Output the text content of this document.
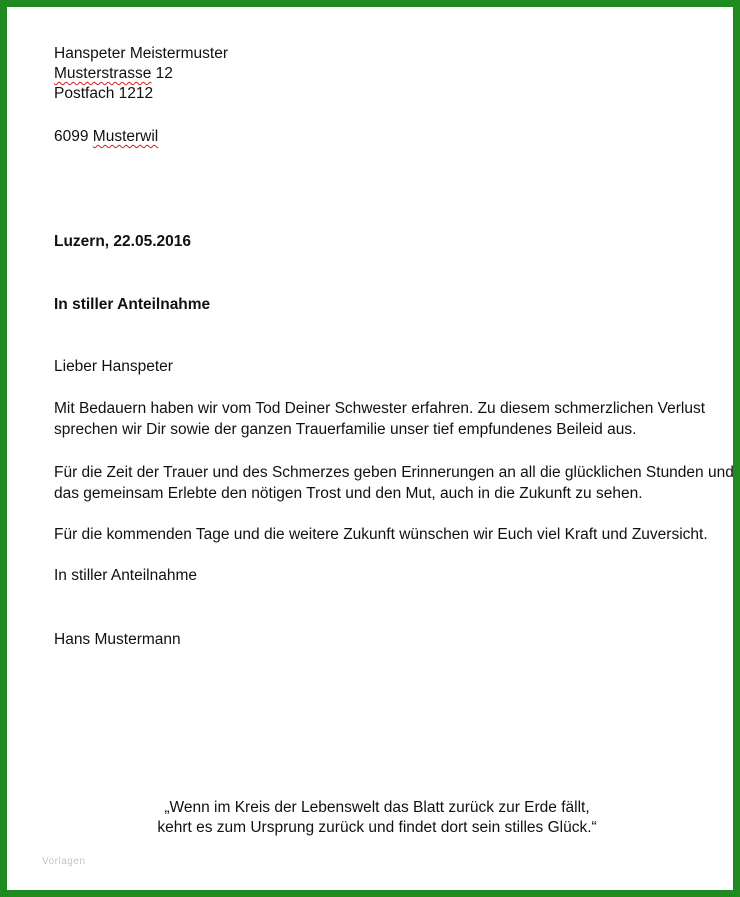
Hanspeter Meistermuster
Musterstrasse 12
Postfach 1212
6099 Musterwil
Luzern, 22.05.2016
In stiller Anteilnahme
Lieber Hanspeter
Mit Bedauern haben wir vom Tod Deiner Schwester erfahren. Zu diesem schmerzlichen Verlust
sprechen wir Dir sowie der ganzen Trauerfamilie unser tief empfundenes Beileid aus.
Für die Zeit der Trauer und des Schmerzes geben Erinnerungen an all die glücklichen Stunden und
das gemeinsam Erlebte den nötigen Trost und den Mut, auch in die Zukunft zu sehen.
Für die kommenden Tage und die weitere Zukunft wünschen wir Euch viel Kraft und Zuversicht.
In stiller Anteilnahme
Hans Mustermann
„Wenn im Kreis der Lebenswelt das Blatt zurück zur Erde fällt,
kehrt es zum Ursprung zurück und findet dort sein stilles Glück.“
Vorlagen
